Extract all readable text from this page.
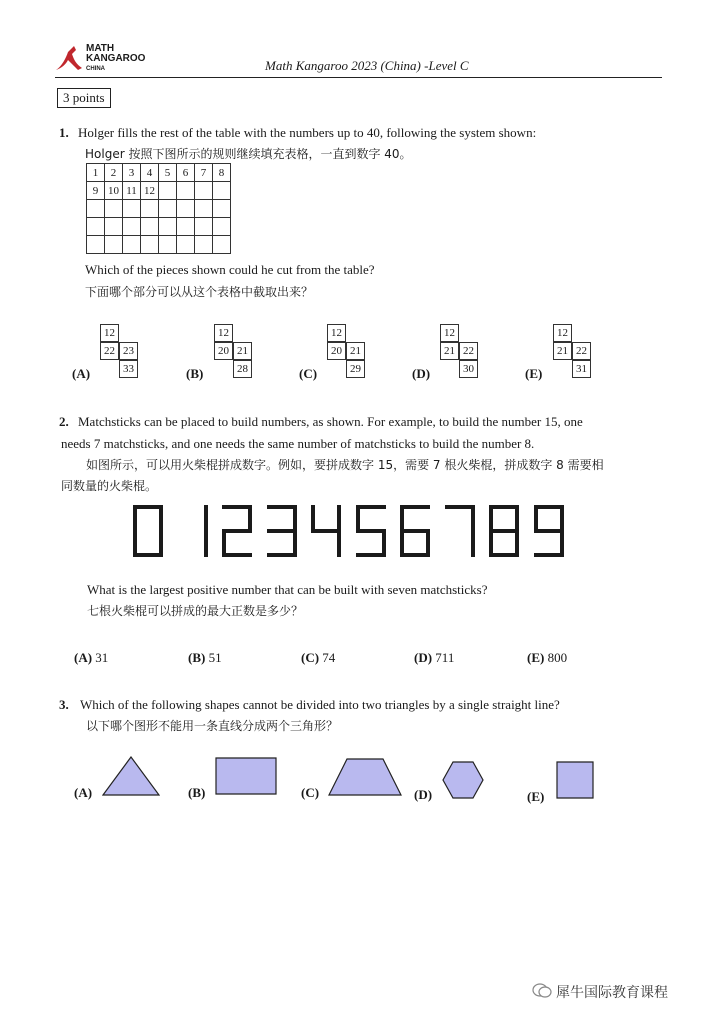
MATH
KANGAROO
CHINA	Math Kangaroo 2023 (China) -Level C
3 points
1. Holger fills the rest of the table with the numbers up to 40, following the system shown:
Holger 按照下图所示的规则继续填充表格，一直到数字 40。
1	2	3	4	5	6	7	8
9	10	11	12				

Which of the pieces shown could he cut from the table?
下面哪个部分可以从这个表格中截取出来？
(A)
12
22 23
33	(B)
12
20 21
28	(C)
12
20 21
29	(D)
12
21 22
30	(E)
12
21 22
31
2. Matchsticks can be placed to build numbers, as shown. For example, to build the number 15, one
needs 7 matchsticks, and one needs the same number of matchsticks to build the number 8.
如图所示，可以用火柴棍拼成数字。例如，要拼成数字 15，需要 7 根火柴棍，拼成数字 8 需要相
同数量的火柴棍。
What is the largest positive number that can be built with seven matchsticks?
七根火柴棍可以拼成的最大正数是多少？
(A) 31	(B) 51	(C) 74	(D) 711	(E) 800
3. Which of the following shapes cannot be divided into two triangles by a single straight line?
以下哪个图形不能用一条直线分成两个三角形？
(A)	(B)	(C)	(D)	(E)
犀牛国际教育课程
